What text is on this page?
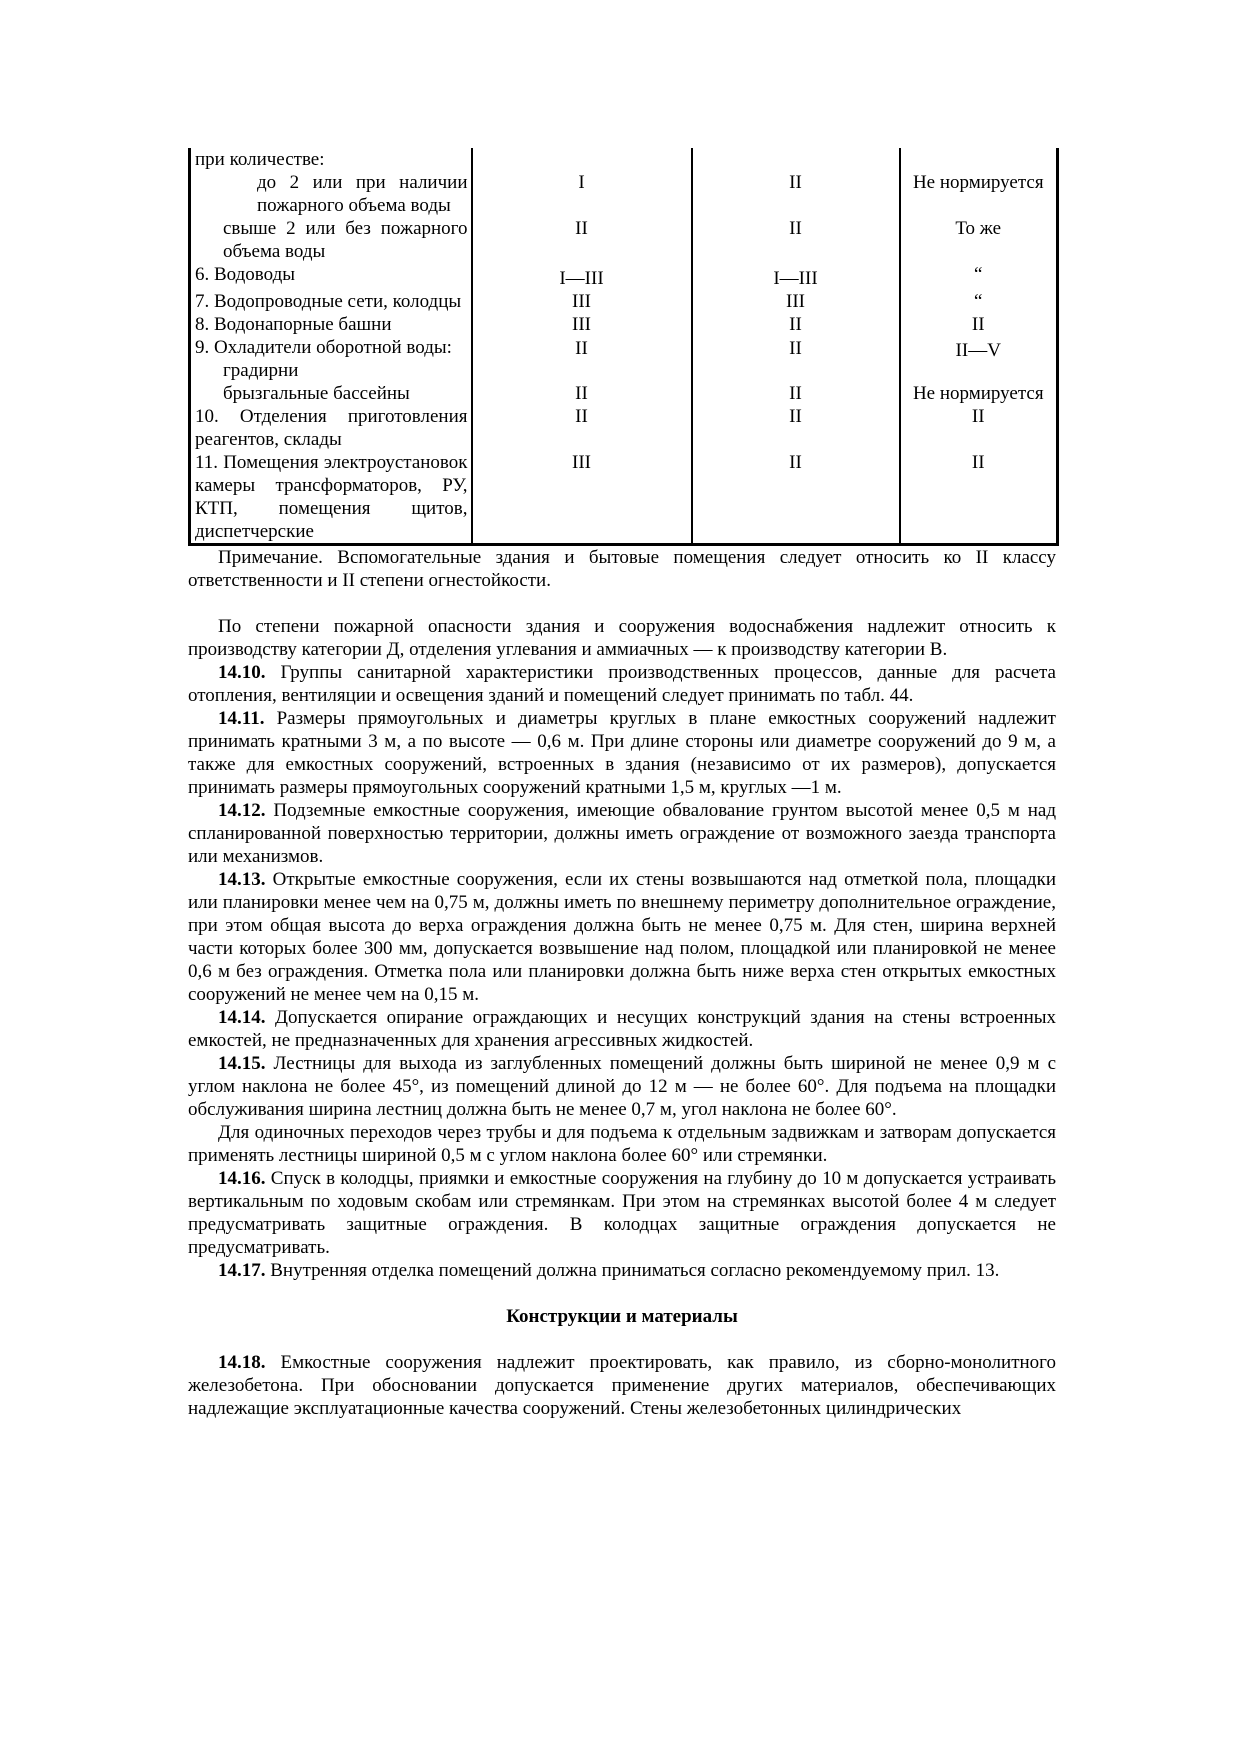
при количестве:			

до 2 или при наличии пожарного объема воды	I	II	Не нормируется

свыше 2 или без пожарного объема воды	II	II	То же
6. Водоводы	I—III	I—III	“
7. Водопроводные сети, колодцы	III	III	“
8. Водонапорные башни	III	II	II
9. Охладители оборотной воды:			

градирни	II	II	II—V

брызгальные бассейны	II	II	Не нормируется
10. Отделения приготовления реагентов, склады	II	II	II
11. Помещения электроустановок камеры трансформаторов, РУ, КТП, помещения щитов, диспетчерские	III	II	II

Примечание. Вспомогательные здания и бытовые помещения следует относить ко II классу ответственности и II степени огнестойкости.

По степени пожарной опасности здания и сооружения водоснабжения надлежит относить к производству категории Д, отделения углевания и аммиачных — к производству категории В.

14.10. Группы санитарной характеристики производственных процессов, данные для расчета отопления, вентиляции и освещения зданий и помещений следует принимать по табл. 44.

14.11. Размеры прямоугольных и диаметры круглых в плане емкостных сооружений надлежит принимать кратными 3 м, а по высоте — 0,6 м. При длине стороны или диаметре сооружений до 9 м, а также для емкостных сооружений, встроенных в здания (независимо от их размеров), допускается принимать размеры прямоугольных сооружений кратными 1,5 м, круглых —1 м.

14.12. Подземные емкостные сооружения, имеющие обвалование грунтом высотой менее 0,5 м над спланированной поверхностью территории, должны иметь ограждение от возможного заезда транспорта или механизмов.

14.13. Открытые емкостные сооружения, если их стены возвышаются над отметкой пола, площадки или планировки менее чем на 0,75 м, должны иметь по внешнему периметру дополнительное ограждение, при этом общая высота до верха ограждения должна быть не менее 0,75 м. Для стен, ширина верхней части которых более 300 мм, допускается возвышение над полом, площадкой или планировкой не менее 0,6 м без ограждения. Отметка пола или планировки должна быть ниже верха стен открытых емкостных сооружений не менее чем на 0,15 м.

14.14. Допускается опирание ограждающих и несущих конструкций здания на стены встроенных емкостей, не предназначенных для хранения агрессивных жидкостей.

14.15. Лестницы для выхода из заглубленных помещений должны быть шириной не менее 0,9 м с углом наклона не более 45°, из помещений длиной до 12 м — не более 60°. Для подъема на площадки обслуживания ширина лестниц должна быть не менее 0,7 м, угол наклона не более 60°.

Для одиночных переходов через трубы и для подъема к отдельным задвижкам и затворам допускается применять лестницы шириной 0,5 м с углом наклона более 60° или стремянки.

14.16. Спуск в колодцы, приямки и емкостные сооружения на глубину до 10 м допускается устраивать вертикальным по ходовым скобам или стремянкам. При этом на стремянках высотой более 4 м следует предусматривать защитные ограждения. В колодцах защитные ограждения допускается не предусматривать.

14.17. Внутренняя отделка помещений должна приниматься согласно рекомендуемому прил. 13.

Конструкции и материалы

14.18. Емкостные сооружения надлежит проектировать, как правило, из сборно-монолитного железобетона. При обосновании допускается применение других материалов, обеспечивающих надлежащие эксплуатационные качества сооружений. Стены железобетонных цилиндрических
